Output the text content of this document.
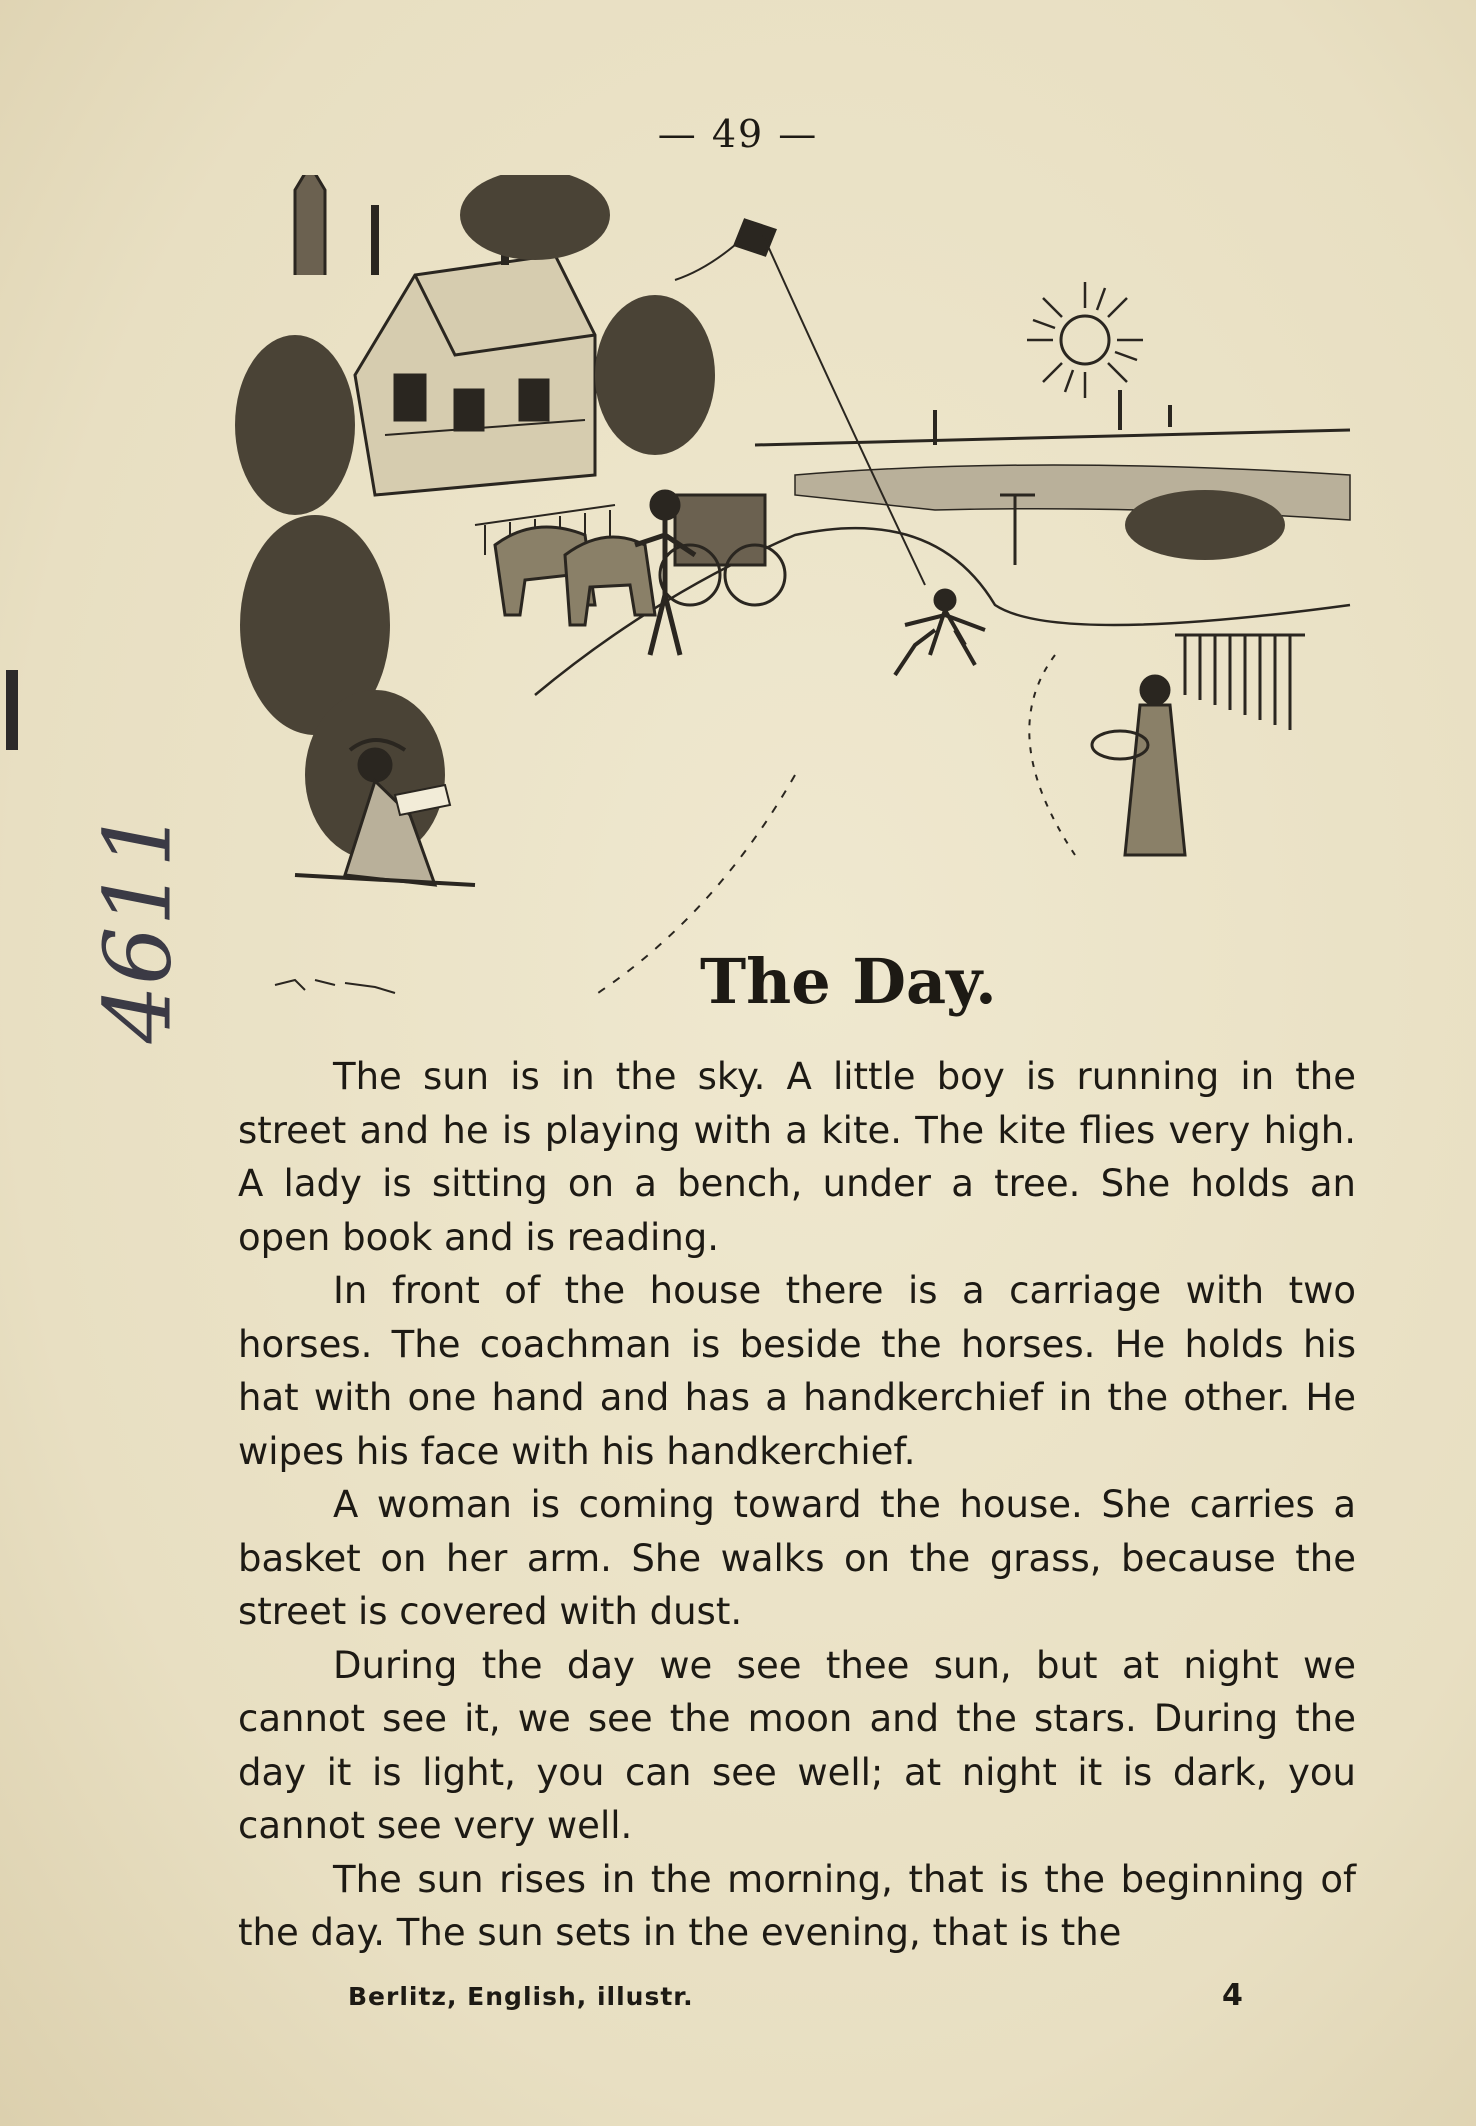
4611
— 49 —
The Day.

The sun is in the sky. A little boy is running in the street and he is playing with a kite. The kite flies very high. A lady is sitting on a bench, under a tree. She holds an open book and is reading.

In front of the house there is a carriage with two horses. The coachman is beside the horses. He holds his hat with one hand and has a handkerchief in the other. He wipes his face with his handkerchief.

A woman is coming toward the house. She carries a basket on her arm. She walks on the grass, because the street is covered with dust.

During the day we see thee sun, but at night we cannot see it, we see the moon and the stars. During the day it is light, you can see well; at night it is dark, you cannot see very well.

The sun rises in the morning, that is the beginning of the day. The sun sets in the evening, that is the

Berlitz, English, illustr.	4
